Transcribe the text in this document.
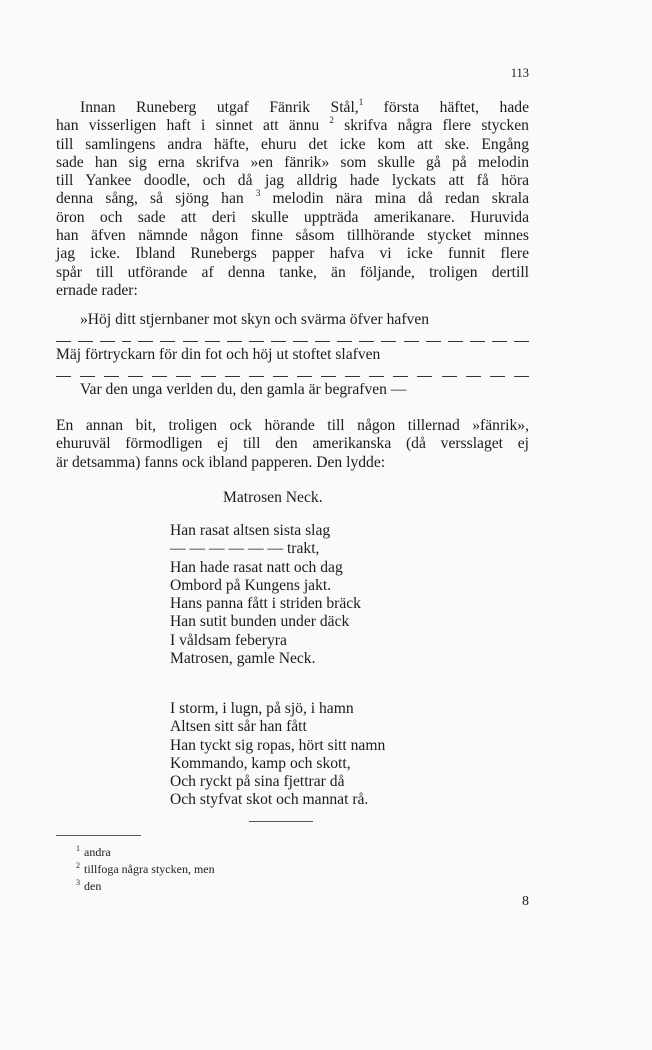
113
Innan Runeberg utgaf Fänrik Stål,$^1$ första häftet, hade
han visserligen haft i sinnet att ännu $^2$ skrifva några flere stycken
till samlingens andra häfte, ehuru det icke kom att ske. Engång
sade han sig erna skrifva »en fänrik» som skulle gå på melodin
till Yankee doodle, och då jag alldrig hade lyckats att få höra
denna sång, så sjöng han $^3$ melodin nära mina då redan skrala
öron och sade att deri skulle uppträda amerikanare. Huruvida
han äfven nämnde någon finne såsom tillhörande stycket minnes
jag icke. Ibland Runebergs papper hafva vi icke funnit flere
spår till utförande af denna tanke, än följande, troligen dertill
ernade rader:
»Höj ditt stjernbaner mot skyn och svärma öfver hafven
Mäj förtryckarn för din fot och höj ut stoftet slafven
Var den unga verlden du, den gamla är begrafven —
En annan bit, troligen ock hörande till någon tillernad »fänrik»,
ehuruväl förmodligen ej till den amerikanska (då versslaget ej
är detsamma) fanns ock ibland papperen. Den lydde:
Matrosen Neck.
Han rasat altsen sista slag
— — — — — — trakt,
Han hade rasat natt och dag
Ombord på Kungens jakt.
Hans panna fått i striden bräck
Han sutit bunden under däck
I våldsam feberyra
Matrosen, gamle Neck.
I storm, i lugn, på sjö, i hamn
Altsen sitt sår han fått
Han tyckt sig ropas, hört sitt namn
Kommando, kamp och skott,
Och ryckt på sina fjettrar då
Och styfvat skot och mannat rå.
$^1$ andra
$^2$ tillfoga några stycken, men
$^3$ den
8
